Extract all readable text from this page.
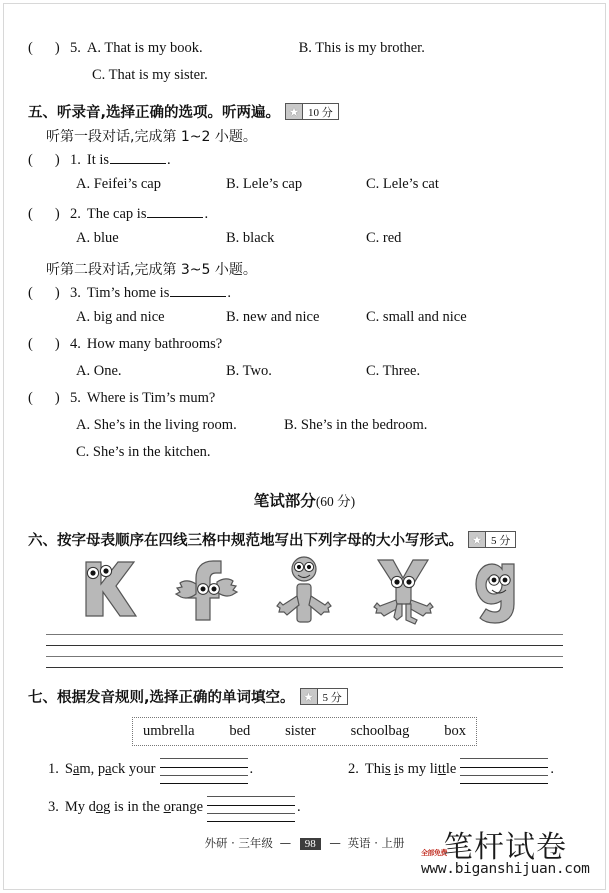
( ) 5. A. That is my book.	B. This is my brother.
C. That is my sister.
五、听录音,选择正确的选项。听两遍。 ★ 10 分
听第一段对话,完成第 1~2 小题。
( ) 1. It is	.
A. Feifei’s cap	B. Lele’s cap	C. Lele’s cat
( ) 2. The cap is	.
A. blue	B. black	C. red
听第二段对话,完成第 3~5 小题。
( ) 3. Tim’s home is	.
A. big and nice	B. new and nice	C. small and nice
( ) 4. How many bathrooms?
A. One.	B. Two.	C. Three.
( ) 5. Where is Tim’s mum?
A. She’s in the living room.	B. She’s in the bedroom.
C. She’s in the kitchen.
笔试部分(60 分)
六、按字母表顺序在四线三格中规范地写出下列字母的大小写形式。 ★ 5 分
七、根据发音规则,选择正确的单词填空。 ★ 5 分
umbrella bed sister schoolbag box
1. Sam, pack your	.	2. This is my little	.
3. My dog is in the orange	.
外研 · 三年级 — 98 — 英语 · 上册
全部免费
笔杆试卷
www.biganshijuan.com
